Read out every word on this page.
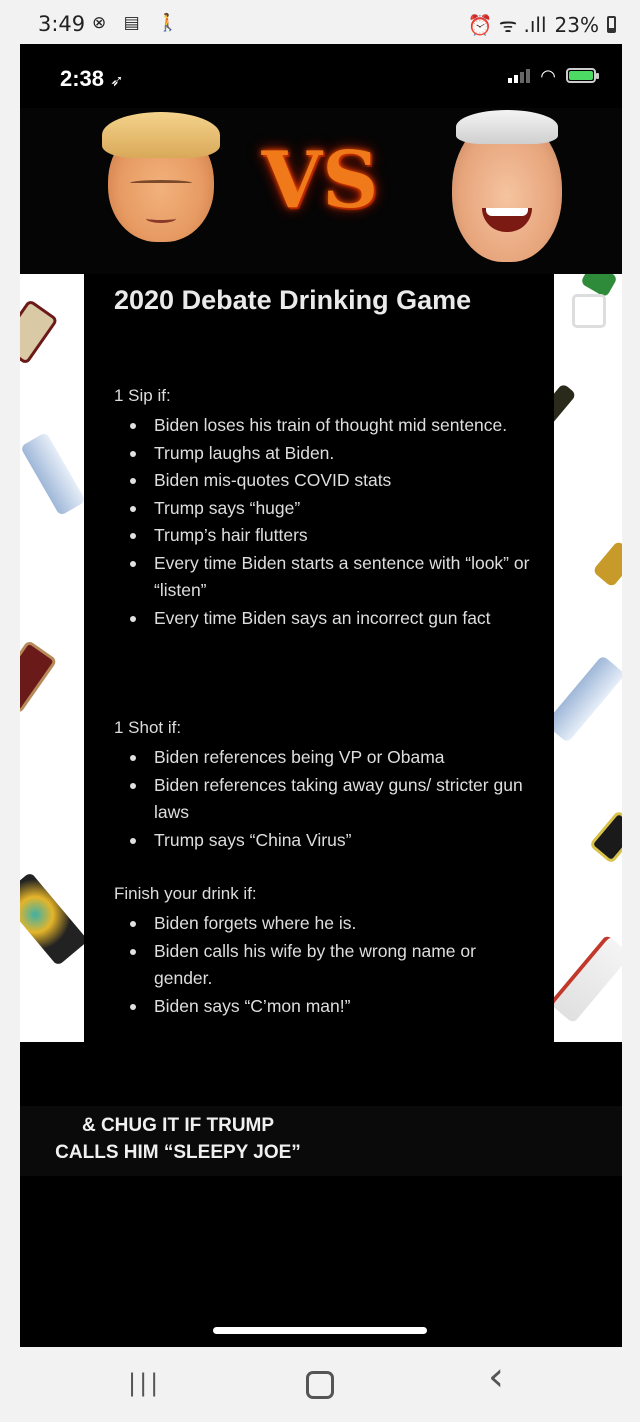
3:49 ⊗ ▤ 🚶	⏰ ᯤ .ıll 23%
2:38 ➶	◠
VS
2020 Debate Drinking Game
1 Sip if:
Biden loses his train of thought mid sentence.
Trump laughs at Biden.
Biden mis-quotes COVID stats
Trump says “huge”
Trump’s hair flutters
Every time Biden starts a sentence with “look” or “listen”
Every time Biden says an incorrect gun fact
1 Shot if:
Biden references being VP or Obama
Biden references taking away guns/ stricter gun laws
Trump says “China Virus”
Finish your drink if:
Biden forgets where he is.
Biden calls his wife by the wrong name or gender.
Biden says “C’mon man!”
& CHUG IT IF TRUMP
CALLS HIM “SLEEPY JOE”
|||	‹
